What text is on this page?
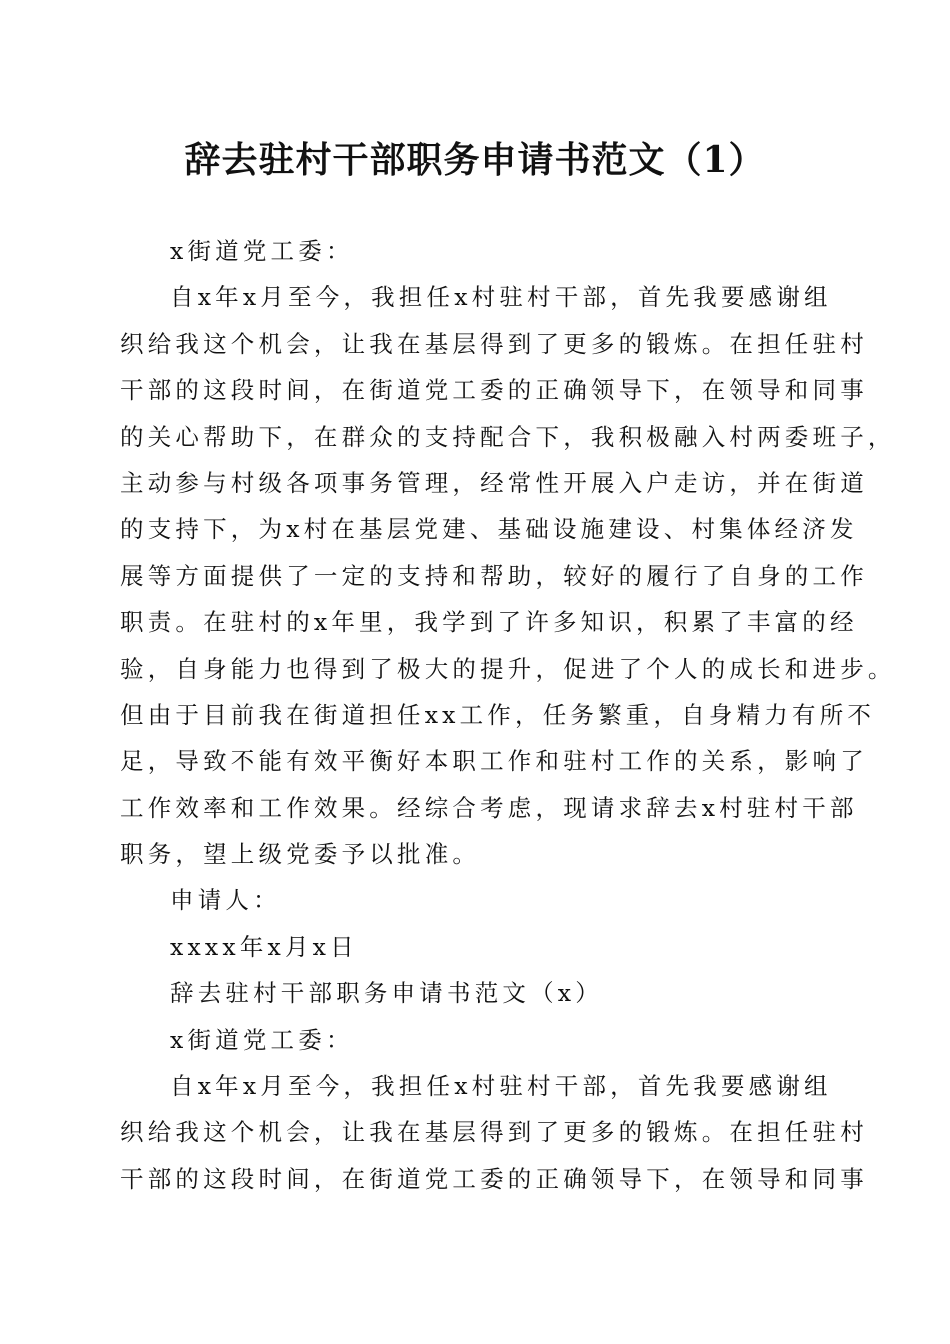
辞去驻村干部职务申请书范文（1）
x街道党工委：
自x年x月至今，我担任x村驻村干部，首先我要感谢组
织给我这个机会，让我在基层得到了更多的锻炼。在担任驻村
干部的这段时间，在街道党工委的正确领导下，在领导和同事
的关心帮助下，在群众的支持配合下，我积极融入村两委班子，
主动参与村级各项事务管理，经常性开展入户走访，并在街道
的支持下，为x村在基层党建、基础设施建设、村集体经济发
展等方面提供了一定的支持和帮助，较好的履行了自身的工作
职责。在驻村的x年里，我学到了许多知识，积累了丰富的经
验，自身能力也得到了极大的提升，促进了个人的成长和进步。
但由于目前我在街道担任xx工作，任务繁重，自身精力有所不
足，导致不能有效平衡好本职工作和驻村工作的关系，影响了
工作效率和工作效果。经综合考虑，现请求辞去x村驻村干部
职务，望上级党委予以批准。
申请人：
xxxx年x月x日
辞去驻村干部职务申请书范文（x）
x街道党工委：
自x年x月至今，我担任x村驻村干部，首先我要感谢组
织给我这个机会，让我在基层得到了更多的锻炼。在担任驻村
干部的这段时间，在街道党工委的正确领导下，在领导和同事
